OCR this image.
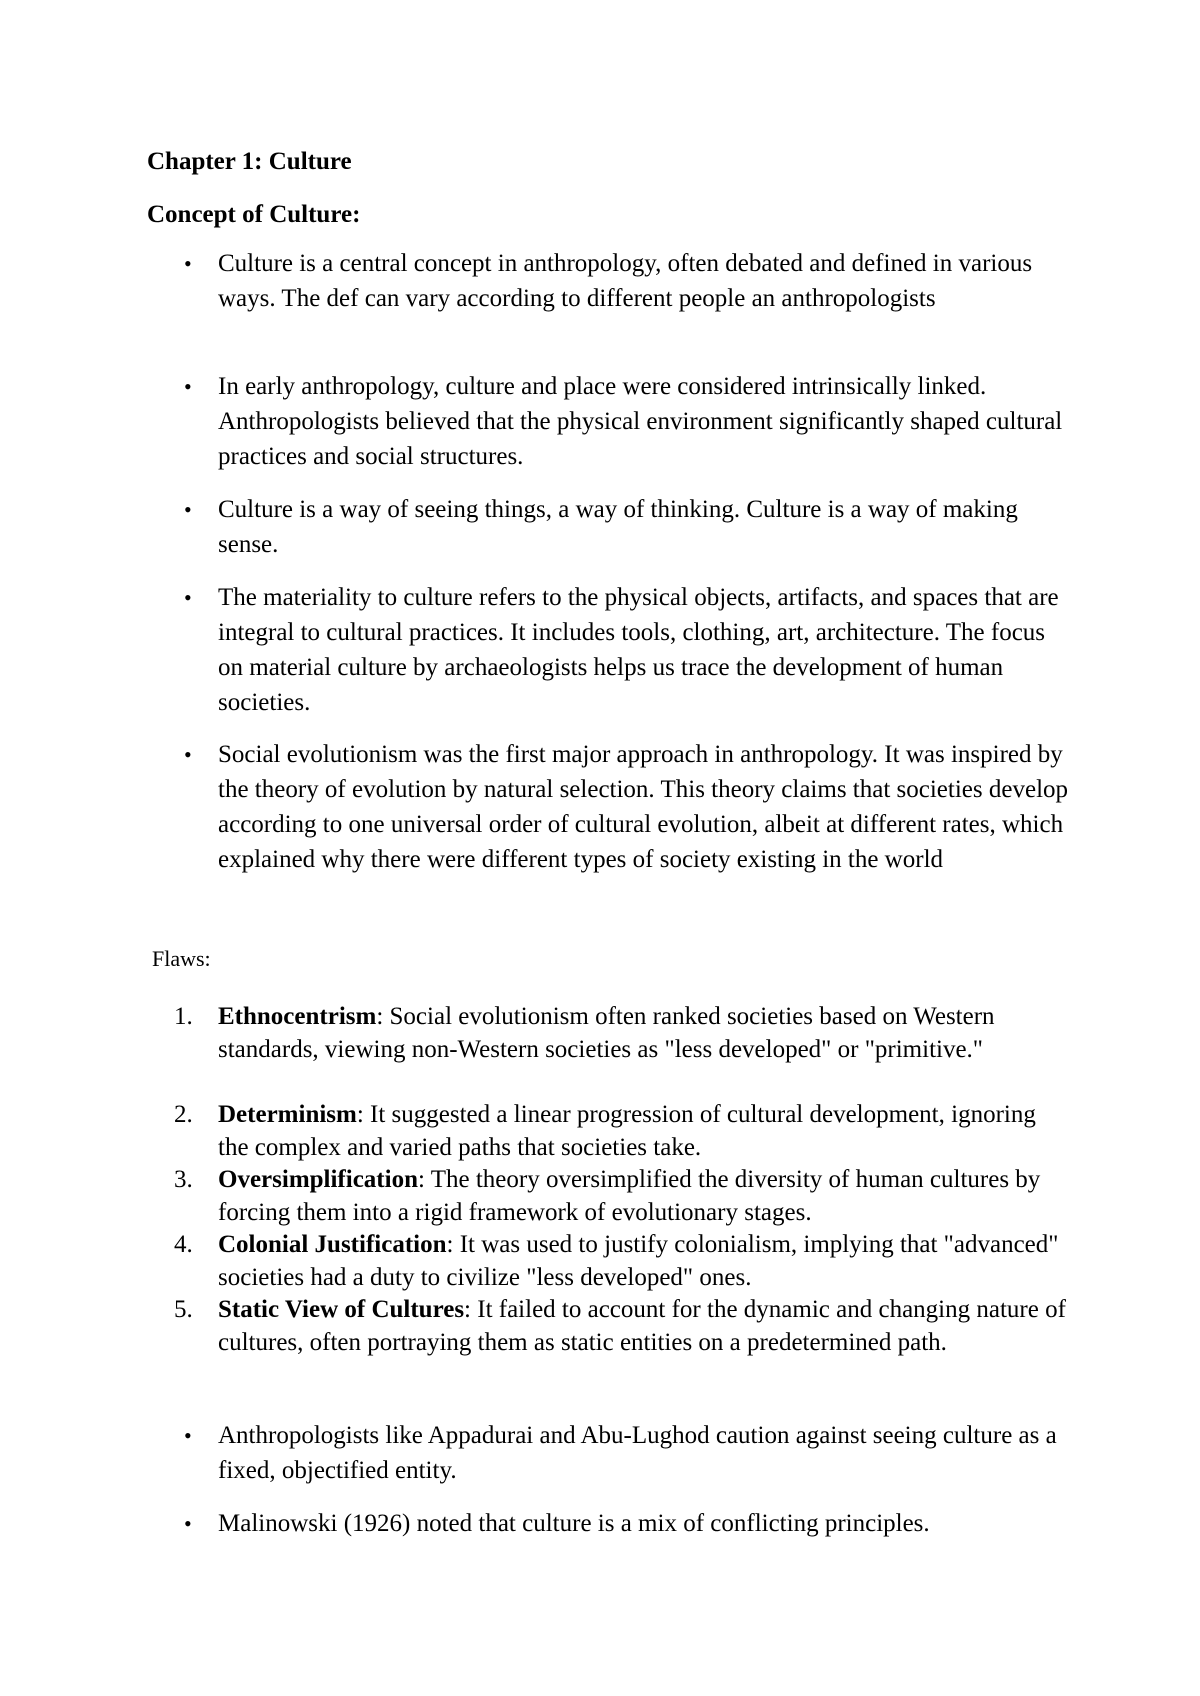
Chapter 1: Culture
Concept of Culture:
• Culture is a central concept in anthropology, often debated and defined in various ways. The def can vary according to different people an anthropologists
• In early anthropology, culture and place were considered intrinsically linked. Anthropologists believed that the physical environment significantly shaped cultural practices and social structures.
• Culture is a way of seeing things, a way of thinking. Culture is a way of making sense.
• The materiality to culture refers to the physical objects, artifacts, and spaces that are integral to cultural practices. It includes tools, clothing, art, architecture. The focus on material culture by archaeologists helps us trace the development of human societies.
• Social evolutionism was the first major approach in anthropology. It was inspired by the theory of evolution by natural selection. This theory claims that societies develop according to one universal order of cultural evolution, albeit at different rates, which explained why there were different types of society existing in the world
Flaws:
1.	Ethnocentrism: Social evolutionism often ranked societies based on Western standards, viewing non-Western societies as "less developed" or "primitive."
2.	Determinism: It suggested a linear progression of cultural development, ignoring the complex and varied paths that societies take.
3.	Oversimplification: The theory oversimplified the diversity of human cultures by forcing them into a rigid framework of evolutionary stages.
4.	Colonial Justification: It was used to justify colonialism, implying that "advanced" societies had a duty to civilize "less developed" ones.
5.	Static View of Cultures: It failed to account for the dynamic and changing nature of cultures, often portraying them as static entities on a predetermined path.
• Anthropologists like Appadurai and Abu-Lughod caution against seeing culture as a fixed, objectified entity.
• Malinowski (1926) noted that culture is a mix of conflicting principles.
